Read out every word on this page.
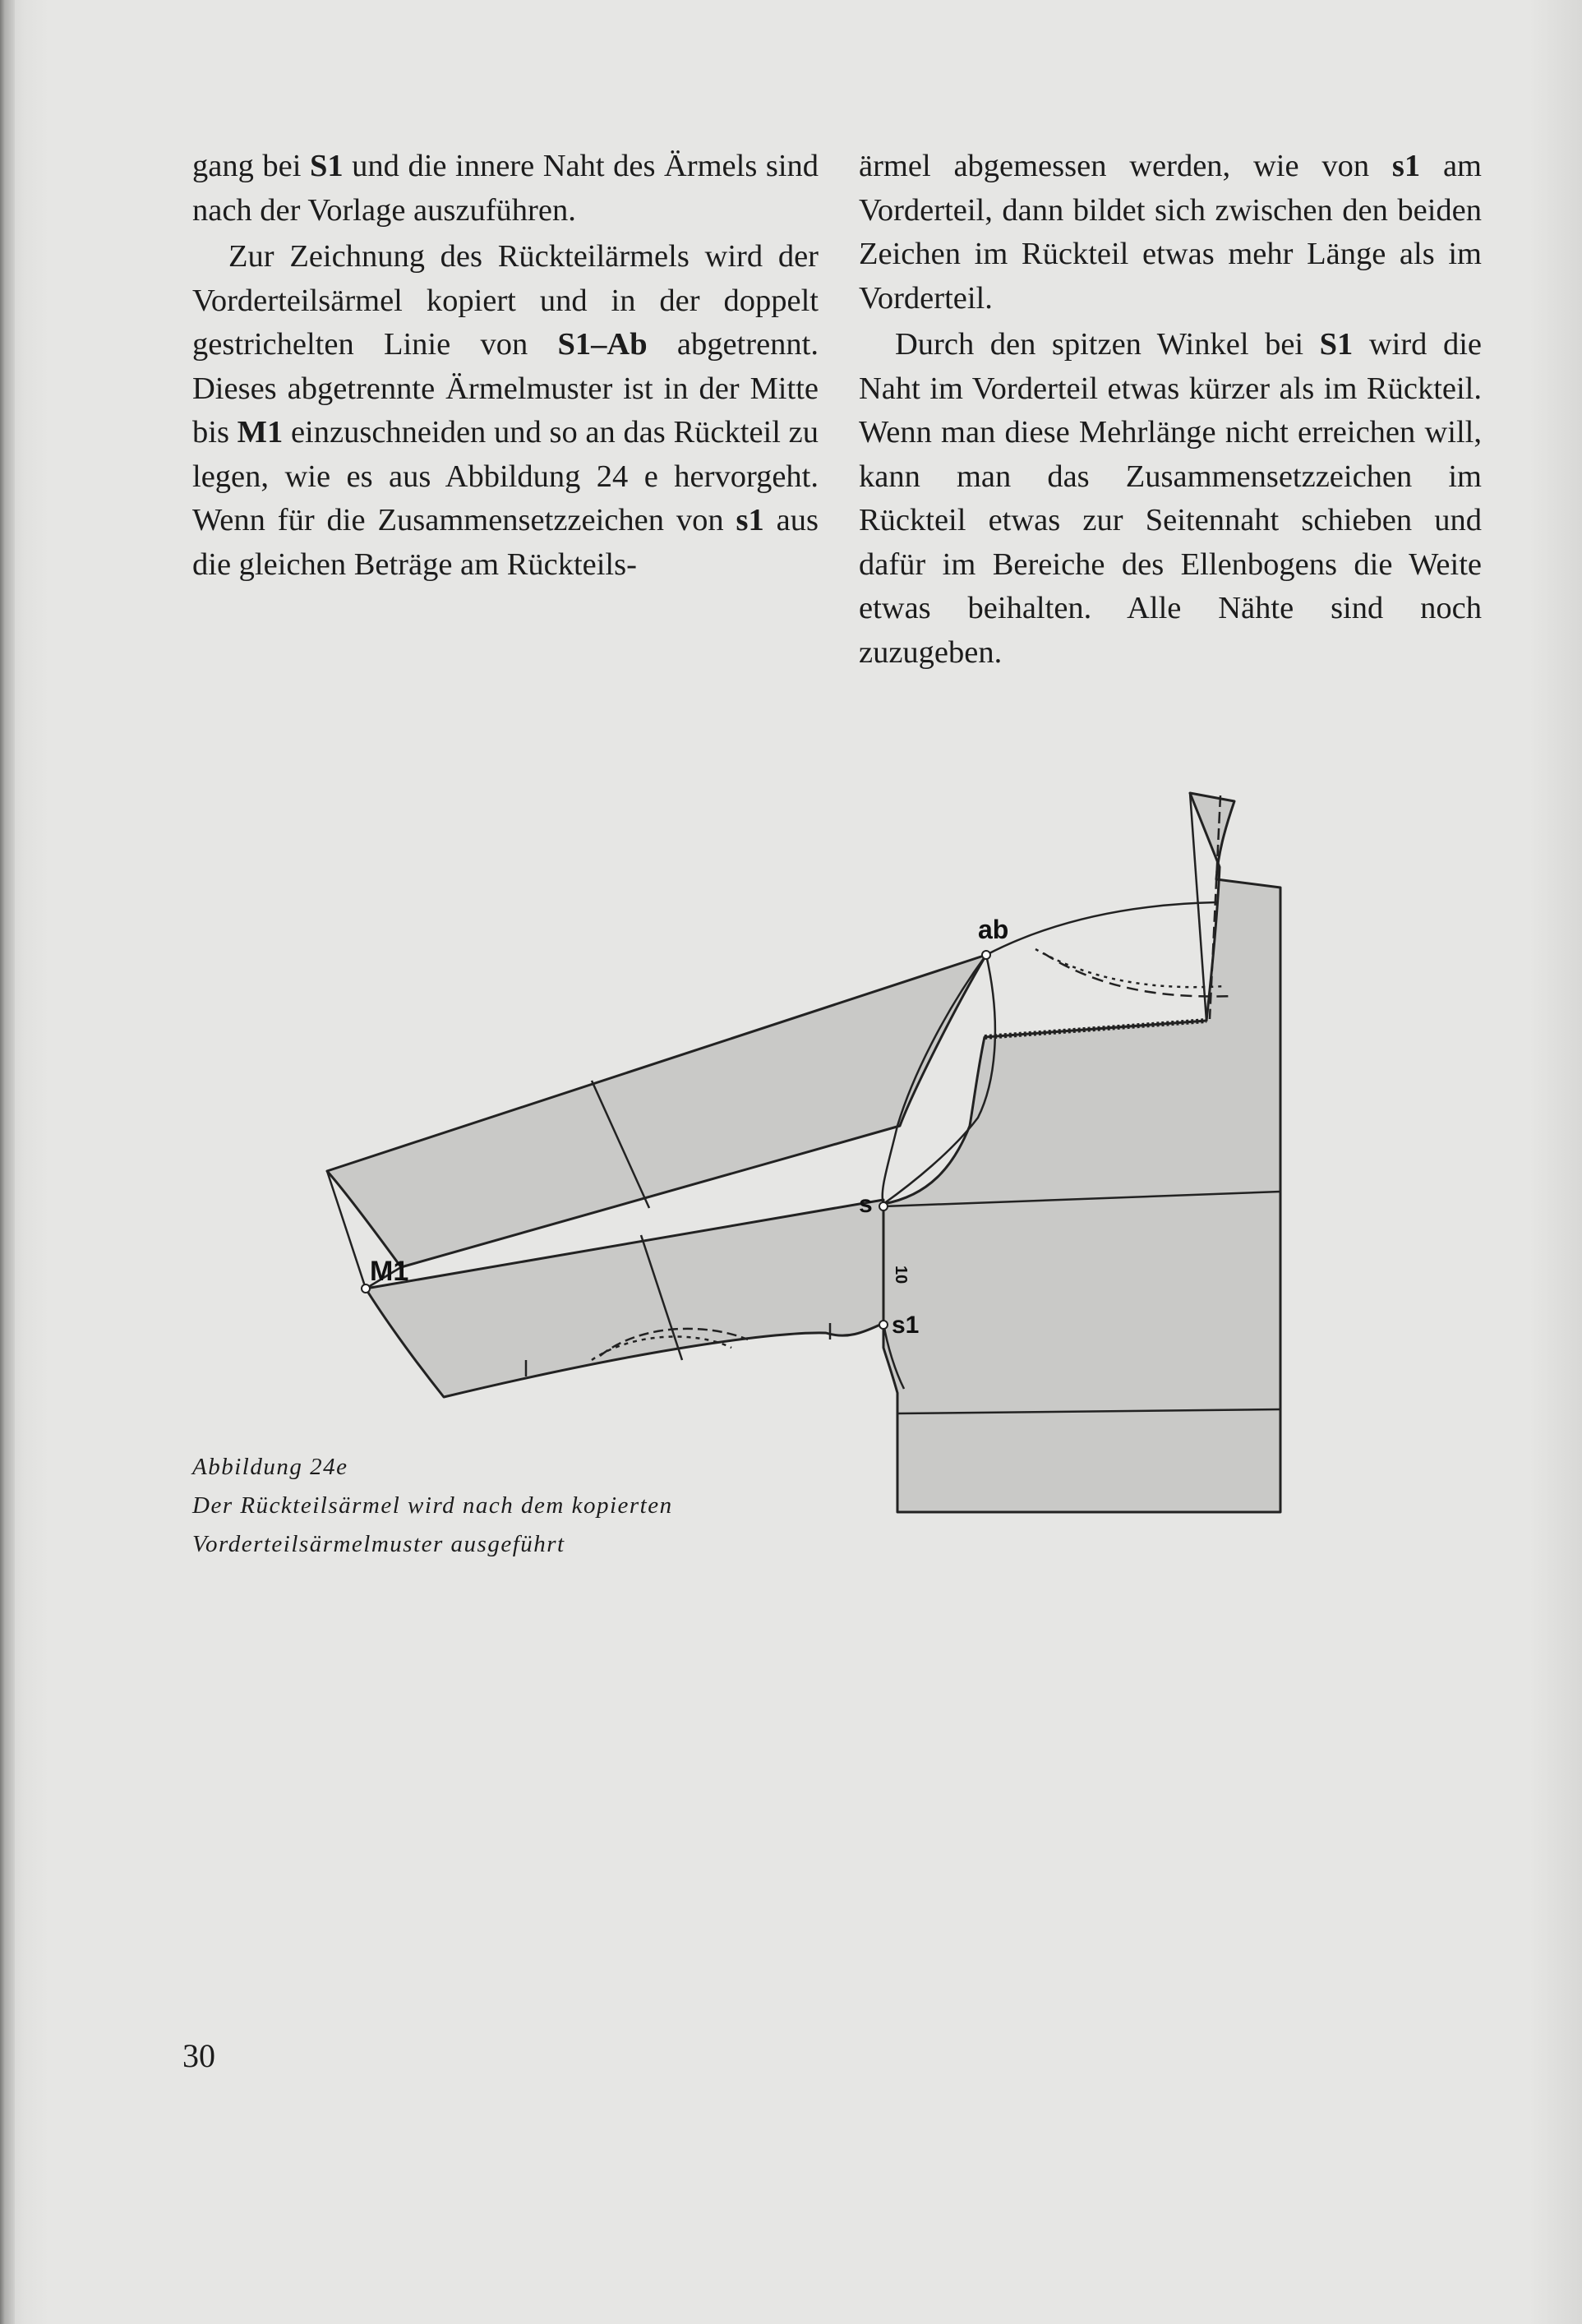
gang bei S1 und die innere Naht des Ärmels sind nach der Vorlage auszuführen.

Zur Zeichnung des Rückteilärmels wird der Vorderteilsärmel kopiert und in der doppelt gestrichelten Linie von S1–Ab abgetrennt. Dieses abgetrennte Ärmelmuster ist in der Mitte bis M1 einzuschneiden und so an das Rückteil zu legen, wie es aus Abbildung 24 e hervorgeht. Wenn für die Zusammensetzzeichen von s1 aus die gleichen Beträge am Rückteils-

ärmel abgemessen werden, wie von s1 am Vorderteil, dann bildet sich zwischen den beiden Zeichen im Rückteil etwas mehr Länge als im Vorderteil.

Durch den spitzen Winkel bei S1 wird die Naht im Vorderteil etwas kürzer als im Rückteil. Wenn man diese Mehrlänge nicht erreichen will, kann man das Zusammensetzzeichen im Rückteil etwas zur Seitennaht schieben und dafür im Bereiche des Ellenbogens die Weite etwas beihalten. Alle Nähte sind noch zuzugeben.

ab
s
s1
M1	10
Abbildung 24e
Der Rückteilsärmel wird nach dem kopierten
Vorderteilsärmelmuster ausgeführt
30
